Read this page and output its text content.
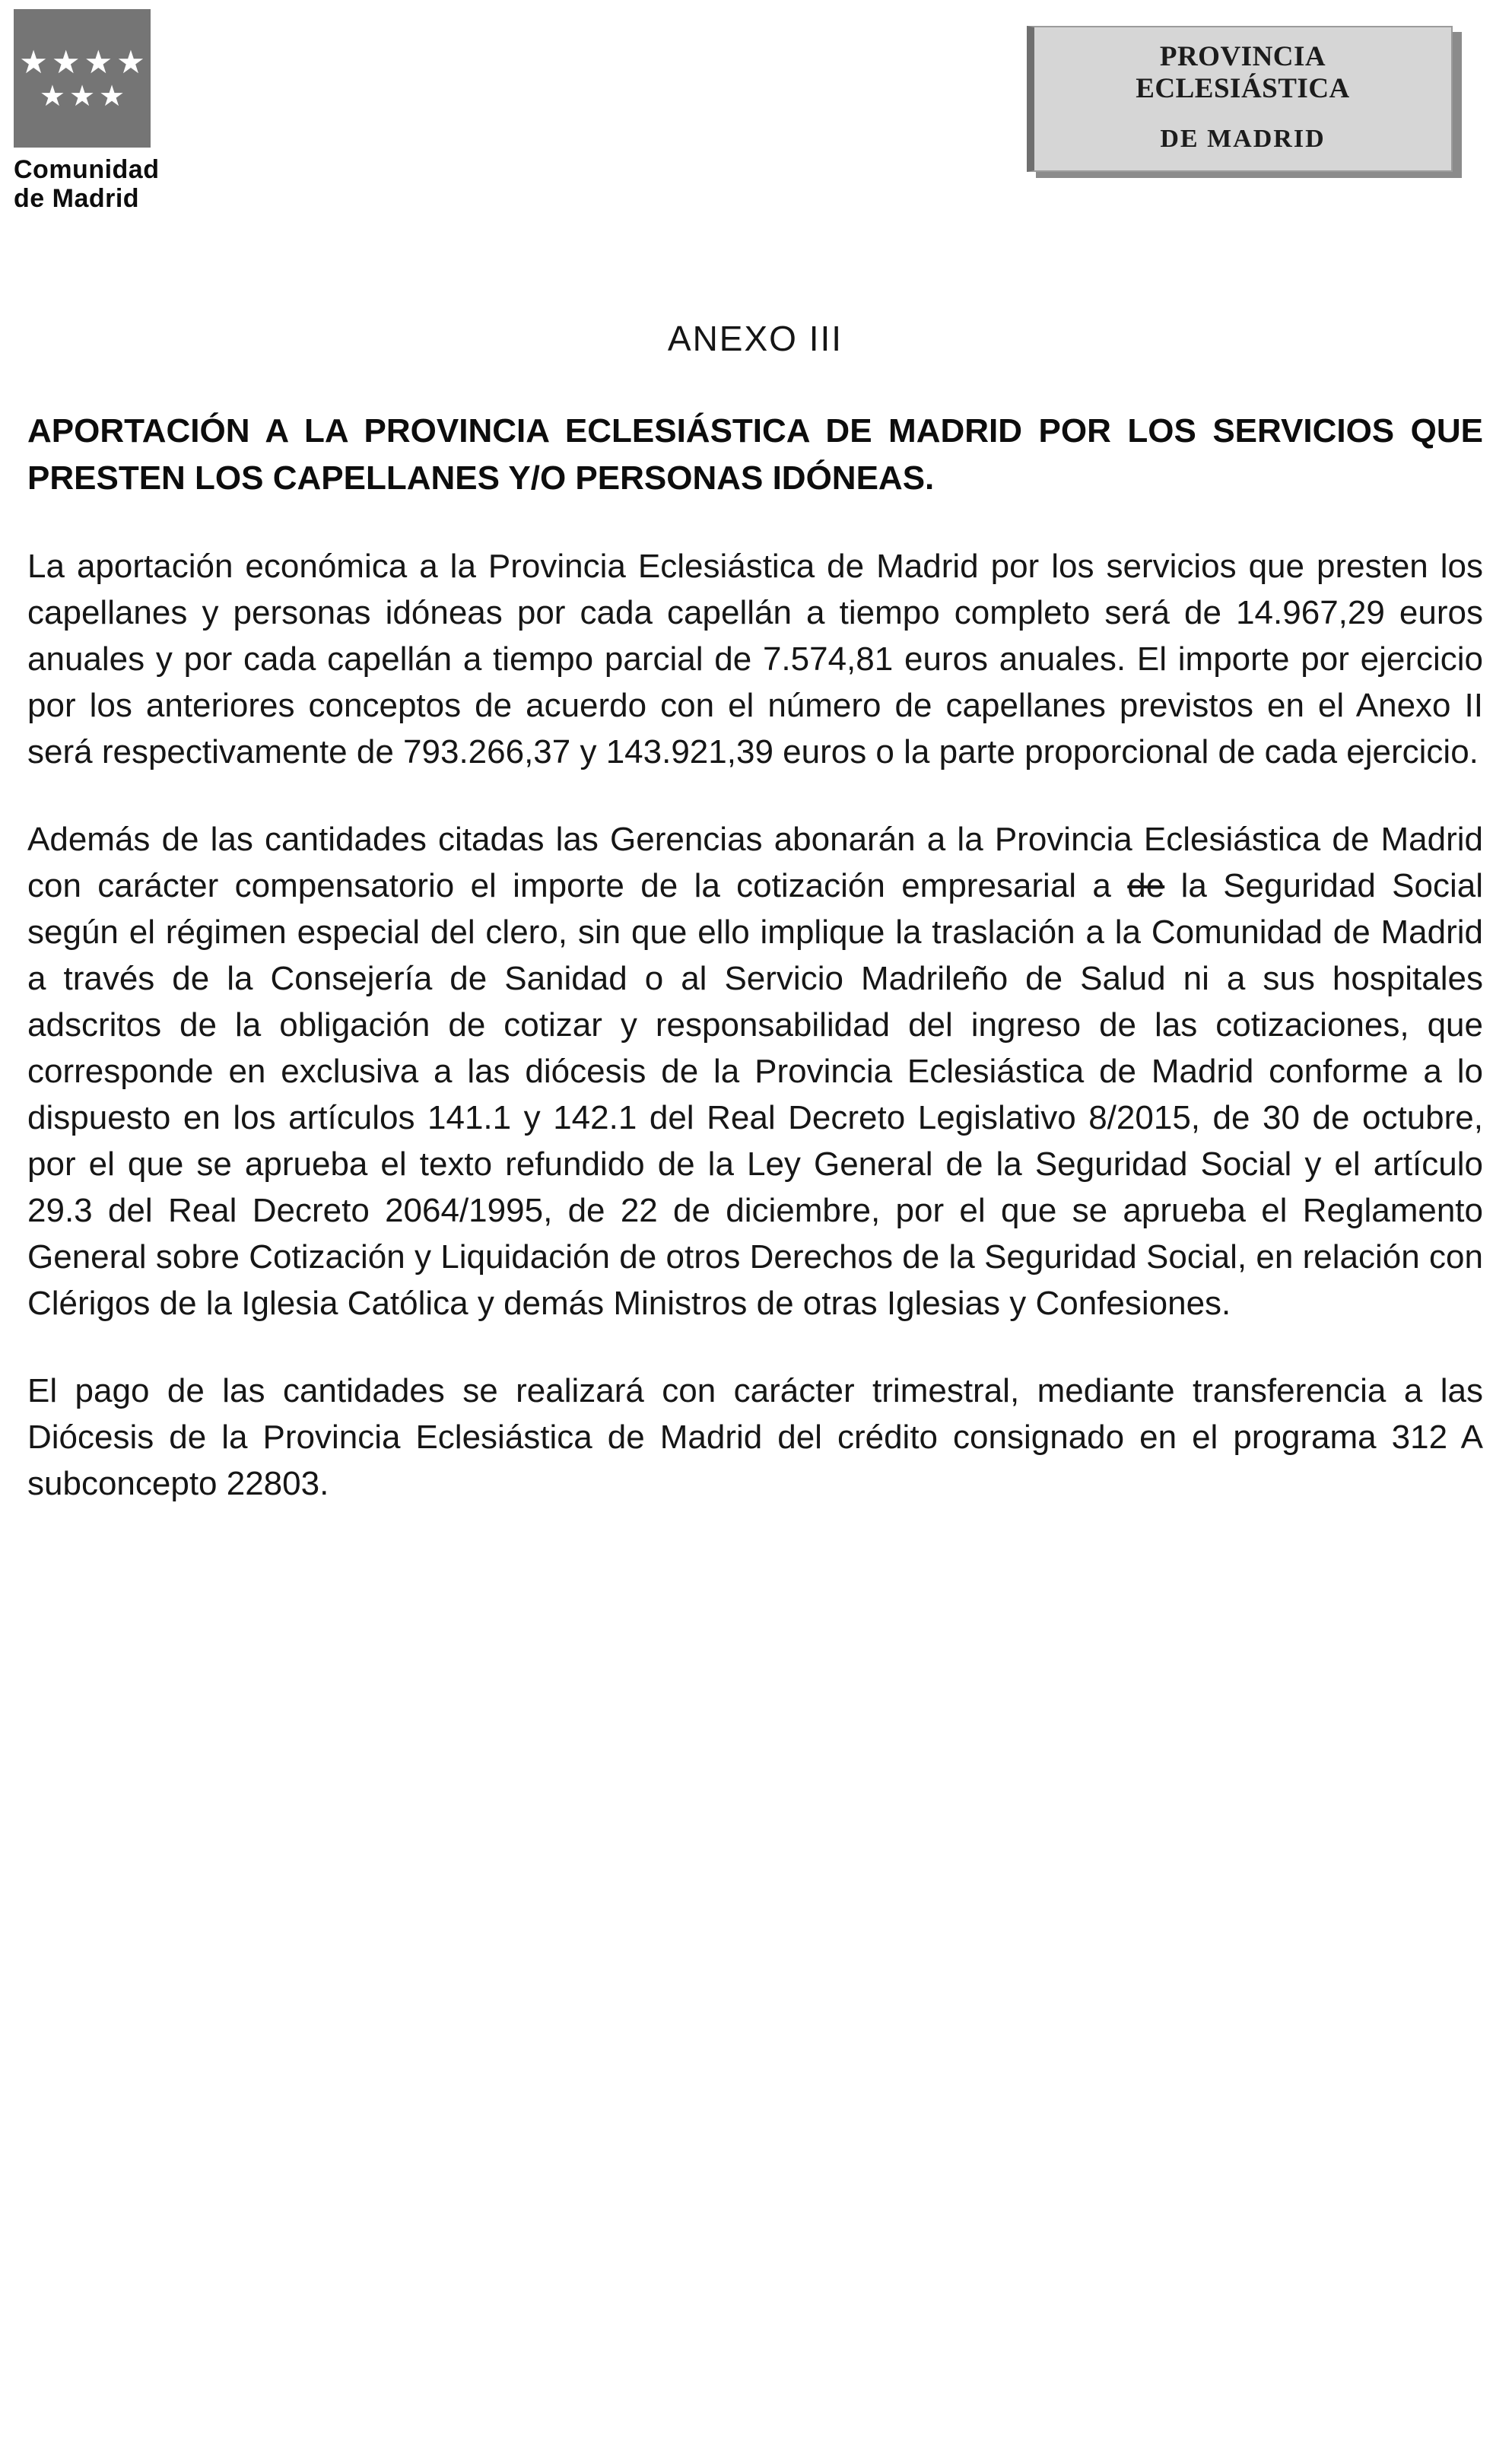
★★★★
★★★
Comunidad
de Madrid
PROVINCIA ECLESIÁSTICA
DE MADRID
ANEXO III
APORTACIÓN A LA PROVINCIA ECLESIÁSTICA DE MADRID POR LOS SERVICIOS QUE PRESTEN LOS CAPELLANES Y/O PERSONAS IDÓNEAS.

La aportación económica a la Provincia Eclesiástica de Madrid por los servicios que presten los capellanes y personas idóneas por cada capellán a tiempo completo será de 14.967,29 euros anuales y por cada capellán a tiempo parcial de 7.574,81 euros anuales. El importe por ejercicio por los anteriores conceptos de acuerdo con el número de capellanes previstos en el Anexo II será respectivamente de 793.266,37 y 143.921,39 euros o la parte proporcional de cada ejercicio.

Además de las cantidades citadas las Gerencias abonarán a la Provincia Eclesiástica de Madrid con carácter compensatorio el importe de la cotización empresarial a de la Seguridad Social según el régimen especial del clero, sin que ello implique la traslación a la Comunidad de Madrid a través de la Consejería de Sanidad o al Servicio Madrileño de Salud ni a sus hospitales adscritos de la obligación de cotizar y responsabilidad del ingreso de las cotizaciones, que corresponde en exclusiva a las diócesis de la Provincia Eclesiástica de Madrid conforme a lo dispuesto en los artículos 141.1 y 142.1 del Real Decreto Legislativo 8/2015, de 30 de octubre, por el que se aprueba el texto refundido de la Ley General de la Seguridad Social y el artículo 29.3 del Real Decreto 2064/1995, de 22 de diciembre, por el que se aprueba el Reglamento General sobre Cotización y Liquidación de otros Derechos de la Seguridad Social, en relación con Clérigos de la Iglesia Católica y demás Ministros de otras Iglesias y Confesiones.

El pago de las cantidades se realizará con carácter trimestral, mediante transferencia a las Diócesis de la Provincia Eclesiástica de Madrid del crédito consignado en el programa 312 A subconcepto 22803.
